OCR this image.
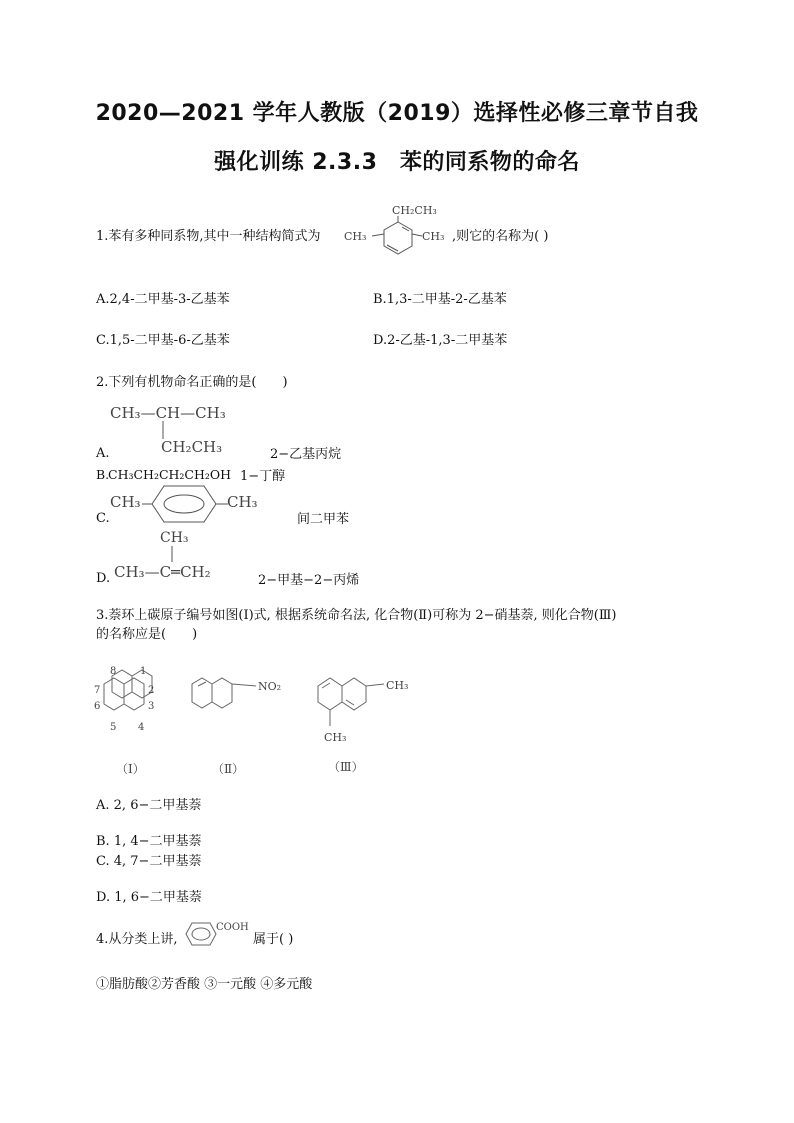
2020—2021 学年人教版（2019）选择性必修三章节自我
强化训练 2.3.3　苯的同系物的命名
1.苯有多种同系物,其中一种结构简式为
CH₂CH₃
CH₃	CH₃ ,则它的名称为( )
A.2,4-二甲基-3-乙基苯	B.1,3-二甲基-2-乙基苯
C.1,5-二甲基-6-乙基苯	D.2-乙基-1,3-二甲基苯
2.下列有机物命名正确的是(　　)
CH₃—CH—CH₃
CH₂CH₃
A.	2−乙基丙烷
B.
CH₃CH₂CH₂CH₂OH 1−丁醇
C.
CH₃	CH₃
间二甲苯
CH₃
CH₃—C═CH₂
D.	2−甲基−2−丙烯
3.萘环上碳原子编号如图(Ⅰ)式, 根据系统命名法, 化合物(Ⅱ)可称为 2−硝基萘, 则化合物(Ⅲ)
的名称应是(　　)
8 1
7	2
6	3
5 4
NO₂	CH₃
CH₃
（Ⅰ）	（Ⅱ）	（Ⅲ）
A. 2, 6−二甲基萘
B. 1, 4−二甲基萘
C. 4, 7−二甲基萘
D. 1, 6−二甲基萘
4.从分类上讲,
COOH
属于( )
①脂肪酸②芳香酸 ③一元酸 ④多元酸
